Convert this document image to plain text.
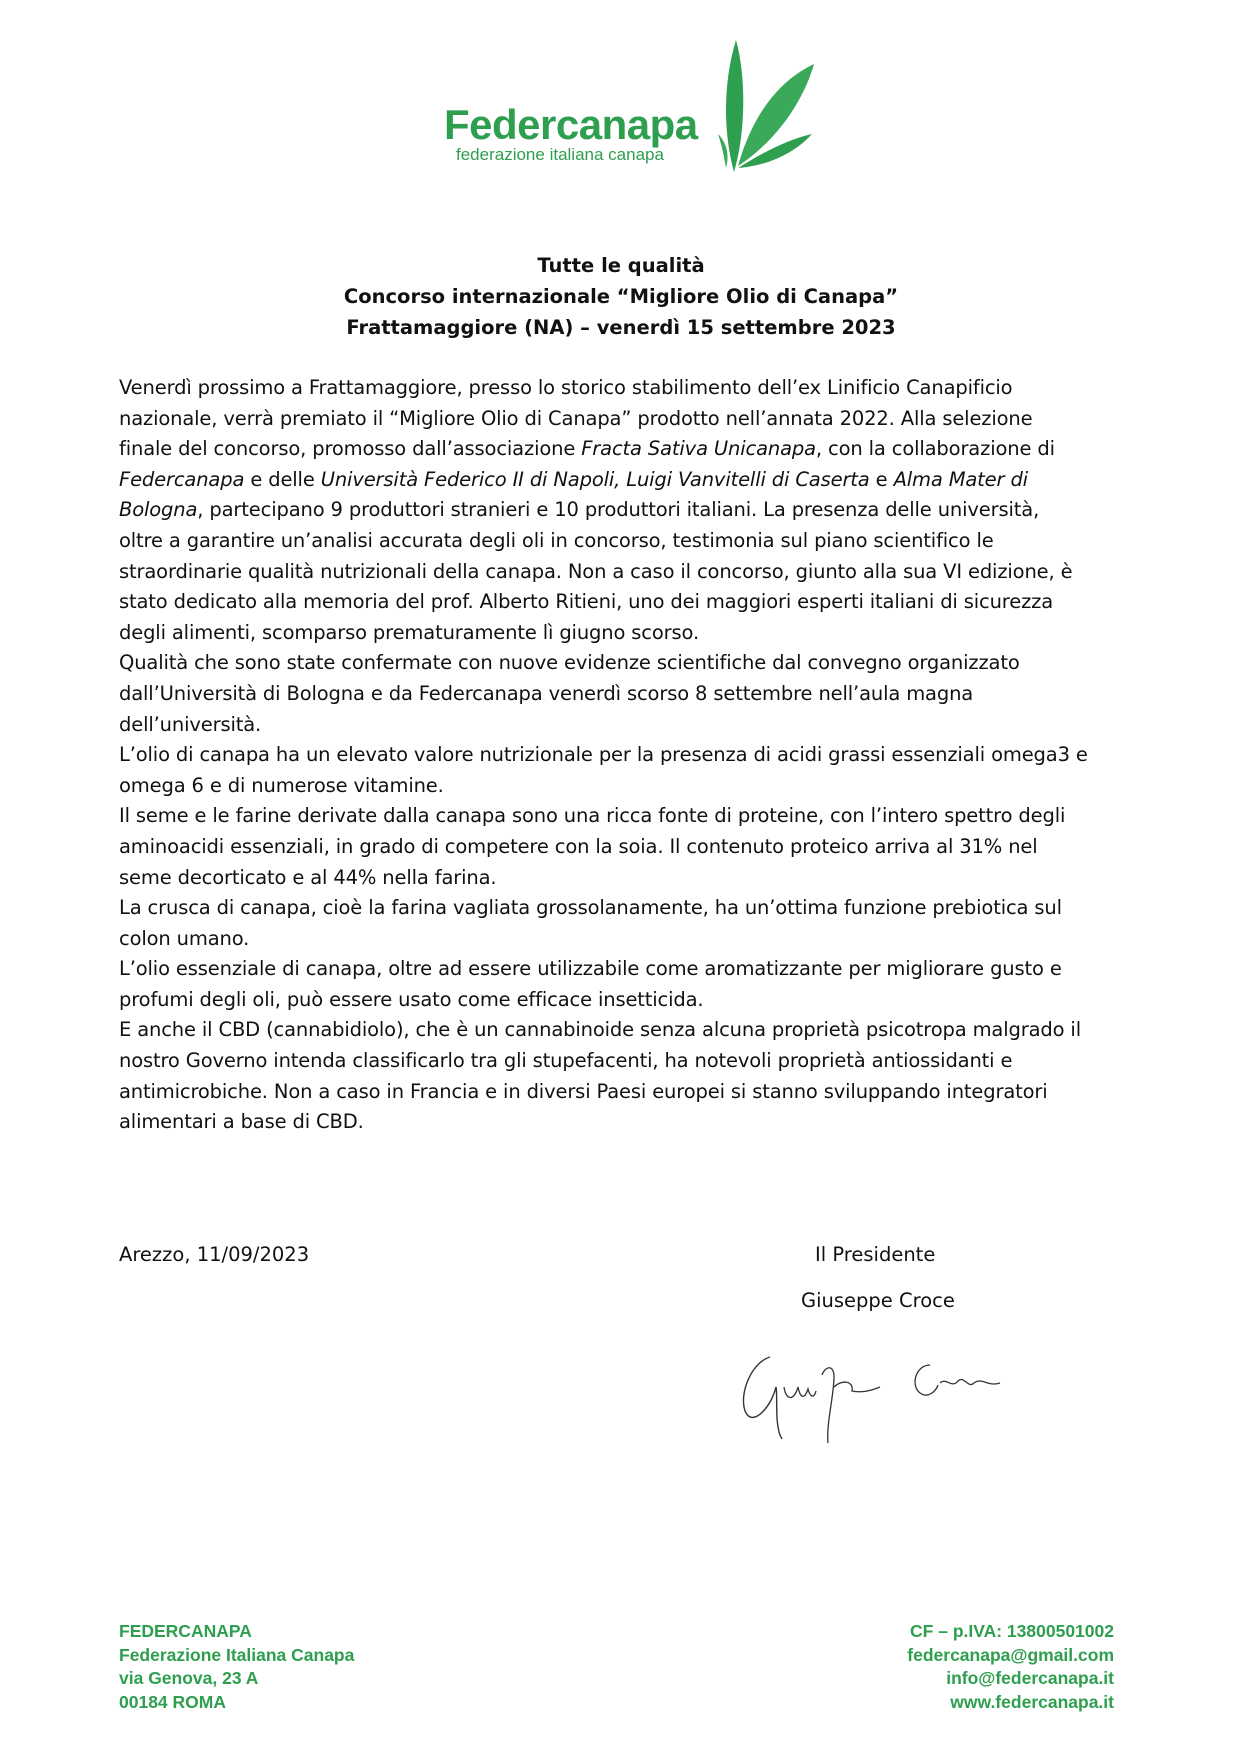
Federcanapa
federazione italiana canapa
Tutte le qualità
Concorso internazionale “Migliore Olio di Canapa”
Frattamaggiore (NA) – venerdì 15 settembre 2023
Venerdì prossimo a Frattamaggiore, presso lo storico stabilimento dell’ex Linificio Canapificio
nazionale, verrà premiato il “Migliore Olio di Canapa” prodotto nell’annata 2022. Alla selezione
finale del concorso, promosso dall’associazione Fracta Sativa Unicanapa, con la collaborazione di
Federcanapa e delle Università Federico II di Napoli, Luigi Vanvitelli di Caserta e Alma Mater di
Bologna, partecipano 9 produttori stranieri e 10 produttori italiani. La presenza delle università,
oltre a garantire un’analisi accurata degli oli in concorso, testimonia sul piano scientifico le
straordinarie qualità nutrizionali della canapa. Non a caso il concorso, giunto alla sua VI edizione, è
stato dedicato alla memoria del prof. Alberto Ritieni, uno dei maggiori esperti italiani di sicurezza
degli alimenti, scomparso prematuramente lì giugno scorso.
Qualità che sono state confermate con nuove evidenze scientifiche dal convegno organizzato
dall’Università di Bologna e da Federcanapa venerdì scorso 8 settembre nell’aula magna
dell’università.
L’olio di canapa ha un elevato valore nutrizionale per la presenza di acidi grassi essenziali omega3 e
omega 6 e di numerose vitamine.
Il seme e le farine derivate dalla canapa sono una ricca fonte di proteine, con l’intero spettro degli
aminoacidi essenziali, in grado di competere con la soia. Il contenuto proteico arriva al 31% nel
seme decorticato e al 44% nella farina.
La crusca di canapa, cioè la farina vagliata grossolanamente, ha un’ottima funzione prebiotica sul
colon umano.
L’olio essenziale di canapa, oltre ad essere utilizzabile come aromatizzante per migliorare gusto e
profumi degli oli, può essere usato come efficace insetticida.
E anche il CBD (cannabidiolo), che è un cannabinoide senza alcuna proprietà psicotropa malgrado il
nostro Governo intenda classificarlo tra gli stupefacenti, ha notevoli proprietà antiossidanti e
antimicrobiche. Non a caso in Francia e in diversi Paesi europei si stanno sviluppando integratori
alimentari a base di CBD.
Arezzo, 11/09/2023	Il Presidente
Giuseppe Croce
FEDERCANAPA
Federazione Italiana Canapa
via Genova, 23 A
00184 ROMA
CF – p.IVA: 13800501002
federcanapa@gmail.com
info@federcanapa.it
www.federcanapa.it
